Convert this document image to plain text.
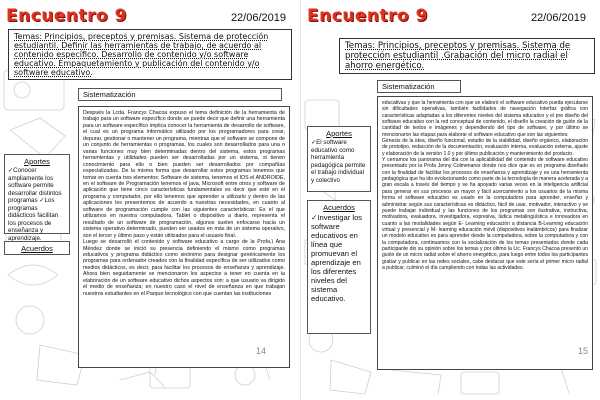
Encuentro 9	22/06/2019
Temas: Principios, preceptos y premisas. Sistema de protección estudiantil. Definir las herramientas de trabajo, de acuerdo al contenido específico. Desarrollo de contenido y/o software educativo. Empaquetamiento y publicación del contenido y/o software educativo.
Sistematización
Después la Lcda. Francys Chacoa expuso el tema definición de la herramienta de trabajo para un software específico donde se puede decir que definir una herramienta para un software específico implica conocer la herramienta de desarrollo de software, el cual es un programa informático utilizado por los programadores para crear, depurar, gestionar o mantener un programa, mientras que el software se compone de un conjunto de herramientas o programas, los cuales son desarrollados para una o varias funciones muy bien determinadas dentro del sistema, estos programas herramientas y utilidades pueden ser desarrolladas por un sistema, si tienen conocimiento para ello o bien pueden ser desarrollados por compañías especializadas. De la misma forma que desarrollar estos programas tenemos que tomar en cuenta tres elementos: Software de sistema, tenemos el IOS el ANDROIDE, en el software de Programación tenemos el java, Microsoft entre otros y software de aplicación que tiene cinco características fundamentales es decir que esté en el programa y computador, por ello tenemos que aprender a utilizarlo y dentro de las aplicaciones les presentemos de acuerdo a nuestras necesidades, en cuanto al software de programación cumple con las siguientes características: Es el que utilizamos en nuestra computadora, Tablet o dispositivo a diario, representa el resultado de un software de programación, algunos suelen enfocarse hacia un sistema operativo determinado, pueden ser usados en más de un sistema operativo, son el tercer y último paso y están utilizados para el usuario final.
Luego se desarrolló el contenido y software educativo a cargo de la Profa.) Ana Méndez donde se inició su presencia definiendo el mismo como programas educativos y programa didáctico como sinónimo para designar genéricamente los programas para ordenador creados con la finalidad específica de ser utilizados como medios didácticos, es decir, para facilitar los procesos de enseñanza y aprendizaje. Ahora bien seguidamente se mencionaron los aspectos a tener en cuenta en la elaboración de un software educativo dichos aspectos son: a que usuario va dirigido el medio de enseñanza; en nuestro caso el nivel de enseñanza en que trabajan nuestros estudiantes en el Parque tecnológico con que cuentan las instituciones
Aportes
✓Conocer ampliamente los software permite desarrollar distintos programas ✓Los programas didácticos facilitan los procesos de enseñanza y aprendizaje.
Acuerdos
14
Encuentro 9	22/06/2019
Temas: Principios, preceptos y premisas. Sistema de protección estudiantil .Grabación del micro radial el ahorro energético.
Sistematización
educativas y que la herramienta con que se elaboró el software educativo pueda ejecutarse sin dificultades operativas, también facilidades de navegación Interfaz gráfica con características adaptadas a los diferentes niveles del sistema educativo y el pre diseño del software educativo con la red conceptual de contenido, el diseño la creación de guión de la cantidad de textos e imágenes y dependiendo del tipo de software, y por último se mencionaron las etapas para elaborar el software educativo que son las siguientes:
Génesis de la idea, diseño funcional, estudio de la viabilidad, diseño orgánico, elaboración de prototipo, redacción de la documentación, evaluación interna, evaluación externa, ajuste y elaboración de la versión 1.0 y por último publicación y mantenimiento del producto.
Y cerramos los panorama del día con la aplicabilidad del contenido de software educativo presentado por la Profa Jenny Colmenares donde nos dice que es un programa diseñado con la finalidad de facilitar los procesos de enseñanza y aprendizaje y es una herramienta pedagógica que ha ido evolucionando como parte de la tecnología de manera acelerada y a gran escala a través del tiempo y se ha apoyado varias veces en la inteligencia artificial para generar en sus procesos un mayor y fácil acercamiento a los usuarios de la misma forma el software educativo es usado en la computadora para aprender, enseñar y administrar según sus características es didáctico, fácil de usar, motivador, interactivo y se puede trabajar individual y las funciones de los programas son ilustrativa, instructiva, motivadora, evaluadora, investigadora, expresiva, lúdica metalingüística e innovadora en cuanto a las modalidades según E- Learning educación a distancia B-Learning educación virtual y presencial y M- learning educación móvil (dispositivos inalámbricos) para finalizar un modelo educativo es para aprender desde la computadora, sobre la computadora y con la computadora, continuamos con la socialización de los temas presentados donde cada participante dio su opinión sobre los temas y por último la Lic. Francys Chacoa presentó un guión de un micro radial sobre el ahorro energético, para luego entre todos los participantes grabar y publicar en las redes sociales, cabe destacar que este sería el primer micro radial a publicar, culminó el día cumpliendo con todas las actividades.
Aportes
✓El software educativo como herramienta pedagógica permite el trabajo individual y colectivo
Acuerdos
✓Investigar los software educativos en línea que promuevan el aprendizaje en los diferentes niveles del sistema educativo.
15
